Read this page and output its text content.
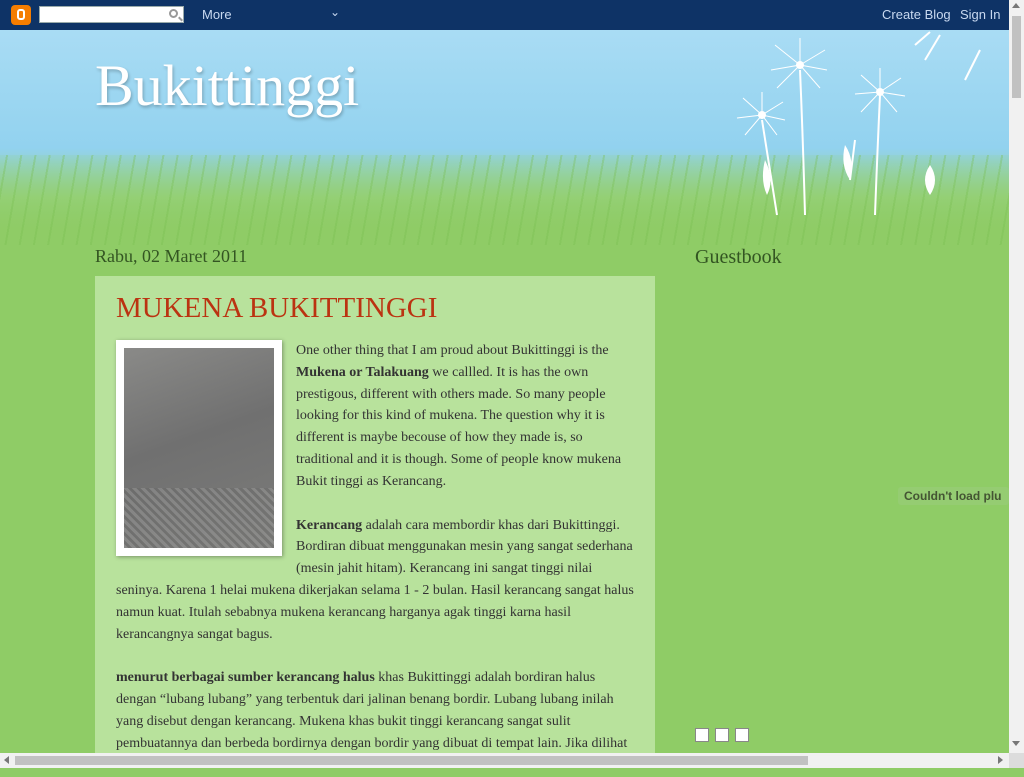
More	⌄	Create Blog Sign In
Bukittinggi
Rabu, 02 Maret 2011
MUKENA BUKITTINGGI

One other thing that I am proud about Bukittinggi is the Mukena or Talakuang we callled. It is has the own prestigous, different with others made. So many people looking for this kind of mukena. The question why it is different is maybe becouse of how they made is, so traditional and it is though. Some of people know mukena Bukit tinggi as Kerancang.

Kerancang adalah cara membordir khas dari Bukittinggi. Bordiran dibuat menggunakan mesin yang sangat sederhana (mesin jahit hitam). Kerancang ini sangat tinggi nilai seninya. Karena 1 helai mukena dikerjakan selama 1 - 2 bulan. Hasil kerancang sangat halus namun kuat. Itulah sebabnya mukena kerancang harganya agak tinggi karna hasil kerancangnya sangat bagus.

menurut berbagai sumber kerancang halus khas Bukittinggi adalah bordiran halus dengan “lubang lubang” yang terbentuk dari jalinan benang bordir. Lubang lubang inilah yang disebut dengan kerancang. Mukena khas bukit tinggi kerancang sangat sulit pembuatannya dan berbeda bordirnya dengan bordir yang dibuat di tempat lain. Jika dilihat

Guestbook
Couldn't load plu
